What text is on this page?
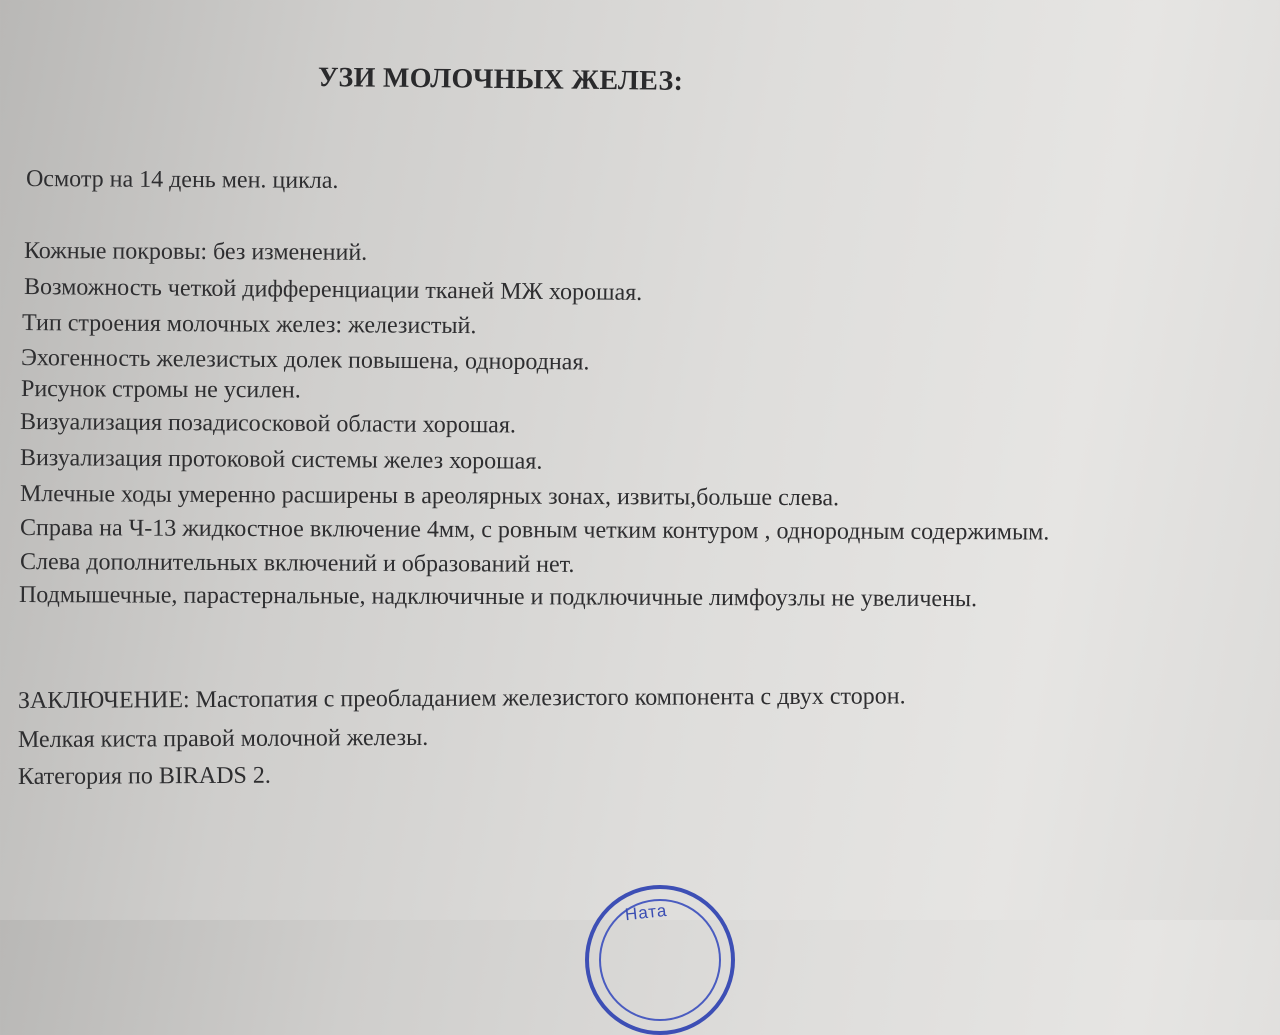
УЗИ МОЛОЧНЫХ ЖЕЛЕЗ:
Осмотр на 14 день мен. цикла.
Кожные покровы: без изменений.
Возможность четкой дифференциации тканей МЖ хорошая.
Тип строения молочных желез: железистый.
Эхогенность железистых долек повышена, однородная.
Рисунок стромы не усилен.
Визуализация позадисосковой области хорошая.
Визуализация протоковой системы желез хорошая.
Млечные ходы умеренно расширены в ареолярных зонах, извиты,больше слева.
Справа на Ч-13 жидкостное включение 4мм, с ровным четким контуром , однородным содержимым.
Слева дополнительных включений и образований нет.
Подмышечные, парастернальные, надключичные и подключичные лимфоузлы не увеличены.
ЗАКЛЮЧЕНИЕ: Мастопатия с преобладанием железистого компонента с двух сторон.
Мелкая киста правой молочной железы.
Категория по BIRADS 2.
Ната
